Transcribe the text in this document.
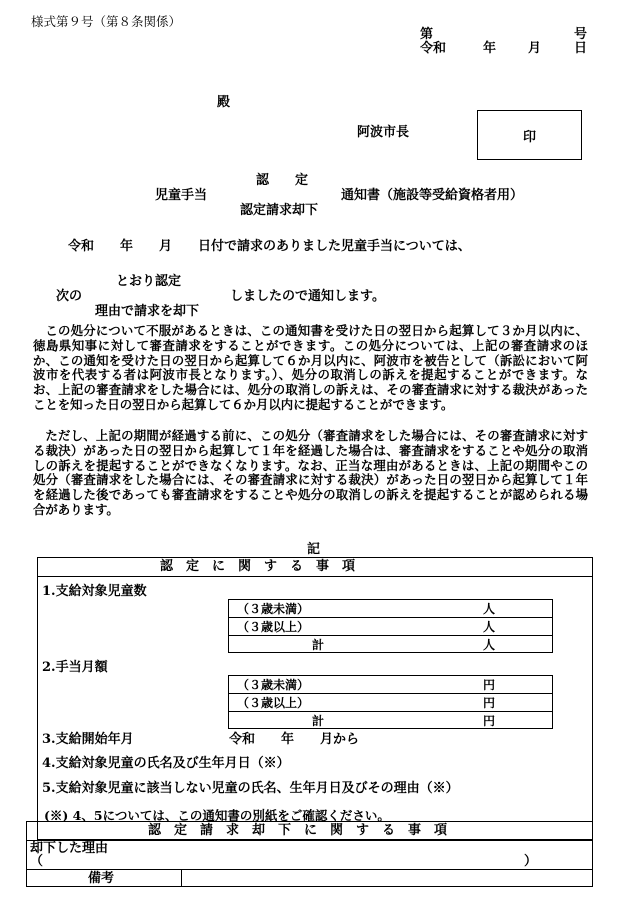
様式第９号（第８条関係）
第	号
令和	年 月	日
殿
阿波市長	印
認　　定
児童手当	通知書（施設等受給資格者用）
認定請求却下
令和　　年　　月　　日付で請求のありました児童手当については、
とおり認定
次の	しましたので通知します。
理由で請求を却下
この処分について不服があるときは、この通知書を受けた日の翌日から起算して３か月以内に、徳島県知事に対して審査請求をすることができます。この処分については、上記の審査請求のほか、この通知を受けた日の翌日から起算して６か月以内に、阿波市を被告として（訴訟において阿波市を代表する者は阿波市長となります。）、処分の取消しの訴えを提起することができます。なお、上記の審査請求をした場合には、処分の取消しの訴えは、その審査請求に対する裁決があったことを知った日の翌日から起算して６か月以内に提起することができます。
ただし、上記の期間が経過する前に、この処分（審査請求をした場合には、その審査請求に対する裁決）があった日の翌日から起算して１年を経過した場合は、審査請求をすることや処分の取消しの訴えを提起することができなくなります。なお、正当な理由があるときは、上記の期間やこの処分（審査請求をした場合には、その審査請求に対する裁決）があった日の翌日から起算して１年を経過した後であっても審査請求をすることや処分の取消しの訴えを提起することが認められる場合があります。
記
認　定　に　関　す　る　事　項
1.支給対象児童数
（３歳未満）	人
（３歳以上）	人
計	人
2.手当月額
（３歳未満）	円
（３歳以上）	円
計	円
3.支給開始年月	令和　　年　　月から
4.支給対象児童の氏名及び生年月日（※）
5.支給対象児童に該当しない児童の氏名、生年月日及びその理由（※）
(※) 4、5については、この通知書の別紙をご確認ください。
認　定　請　求　却　下　に　関　す　る　事　項
却下した理由
（	）
備考
